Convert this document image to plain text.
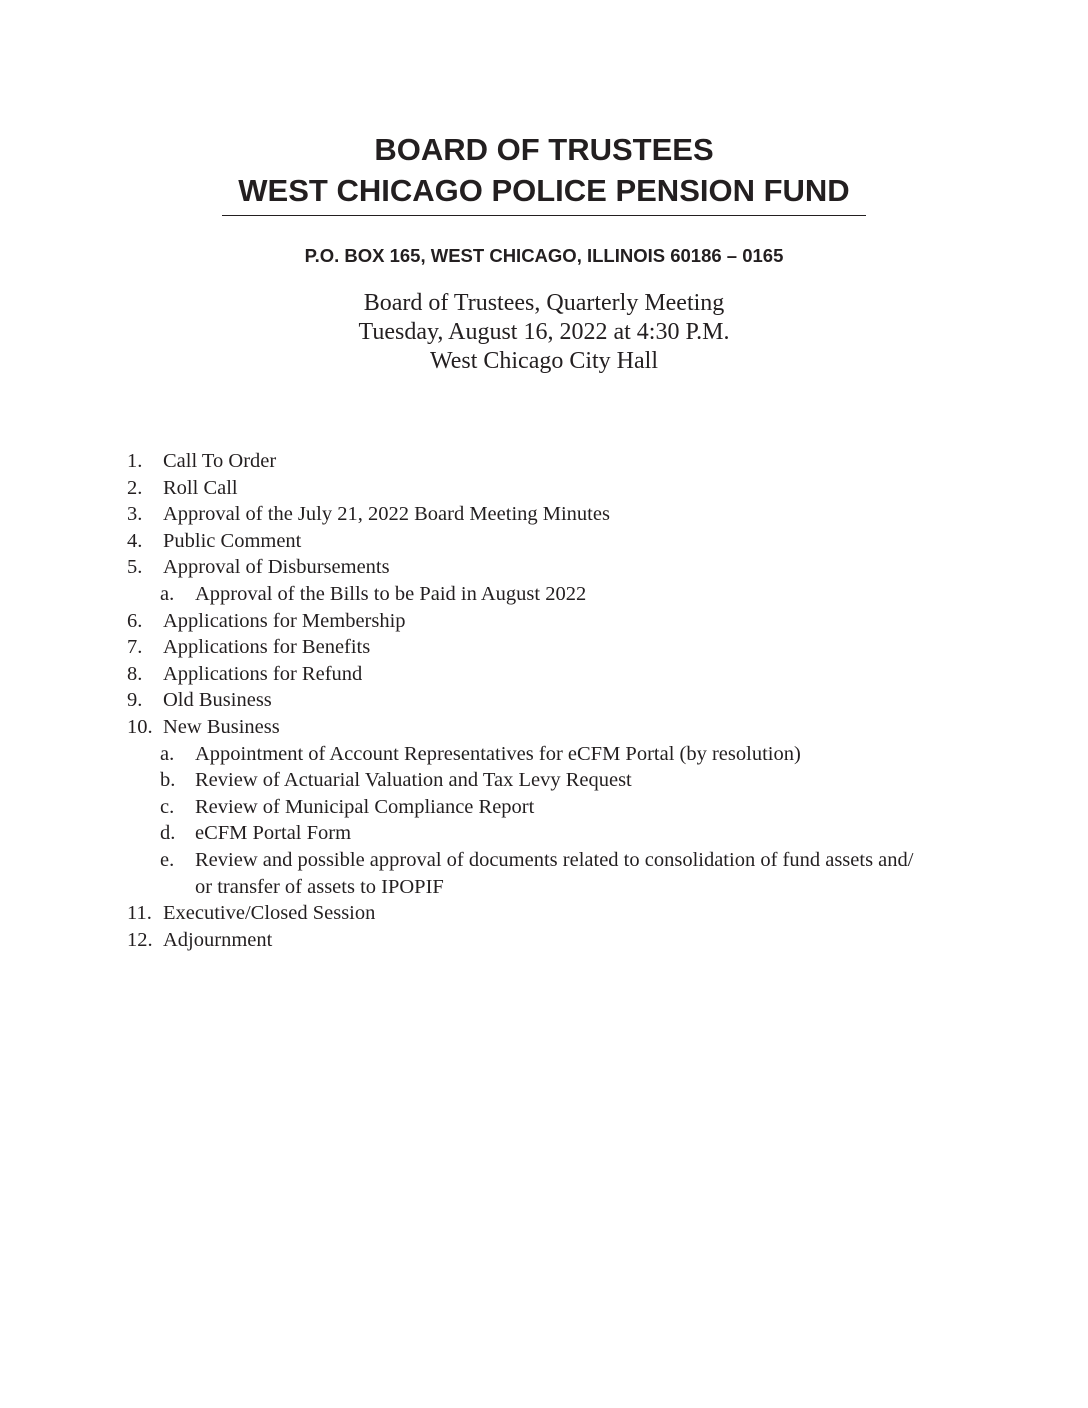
BOARD OF TRUSTEES
WEST CHICAGO POLICE PENSION FUND
P.O. BOX 165, WEST CHICAGO, ILLINOIS 60186 – 0165
Board of Trustees, Quarterly Meeting
Tuesday, August 16, 2022 at 4:30 P.M.
West Chicago City Hall
1. Call To Order
2. Roll Call
3. Approval of the July 21, 2022 Board Meeting Minutes
4. Public Comment
5. Approval of Disbursements
a. Approval of the Bills to be Paid in August 2022
6. Applications for Membership
7. Applications for Benefits
8. Applications for Refund
9. Old Business
10. New Business
a. Appointment of Account Representatives for eCFM Portal (by resolution)
b. Review of Actuarial Valuation and Tax Levy Request
c. Review of Municipal Compliance Report
d. eCFM Portal Form
e. Review and possible approval of documents related to consolidation of fund assets and/
or transfer of assets to IPOPIF
11. Executive/Closed Session
12. Adjournment
